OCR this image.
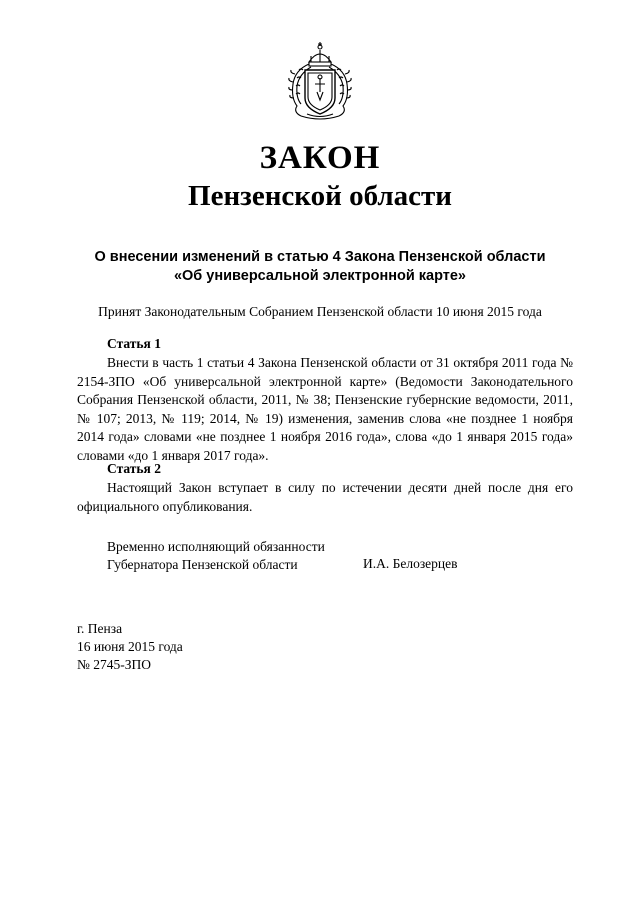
ЗАКОН
Пензенской области
О внесении изменений в статью 4 Закона Пензенской области
«Об универсальной электронной карте»
Принят Законодательным Собранием Пензенской области 10 июня 2015 года
Статья 1

Внести в часть 1 статьи 4 Закона Пензенской области от 31 октября 2011 года № 2154-ЗПО «Об универсальной электронной карте» (Ведомости Законодательного Собрания Пензенской области, 2011, № 38; Пензенские губернские ведомости, 2011, № 107; 2013, № 119; 2014, № 19) изменения, заменив слова «не позднее 1 ноября 2014 года» словами «не позднее 1 ноября 2016 года», слова «до 1 января 2015 года» словами «до 1 января 2017 года».

Статья 2

Настоящий Закон вступает в силу по истечении десяти дней после дня его официального опубликования.

Временно исполняющий обязанности
Губернатора Пензенской области	И.А. Белозерцев
г. Пенза
16 июня 2015 года
№ 2745-ЗПО
